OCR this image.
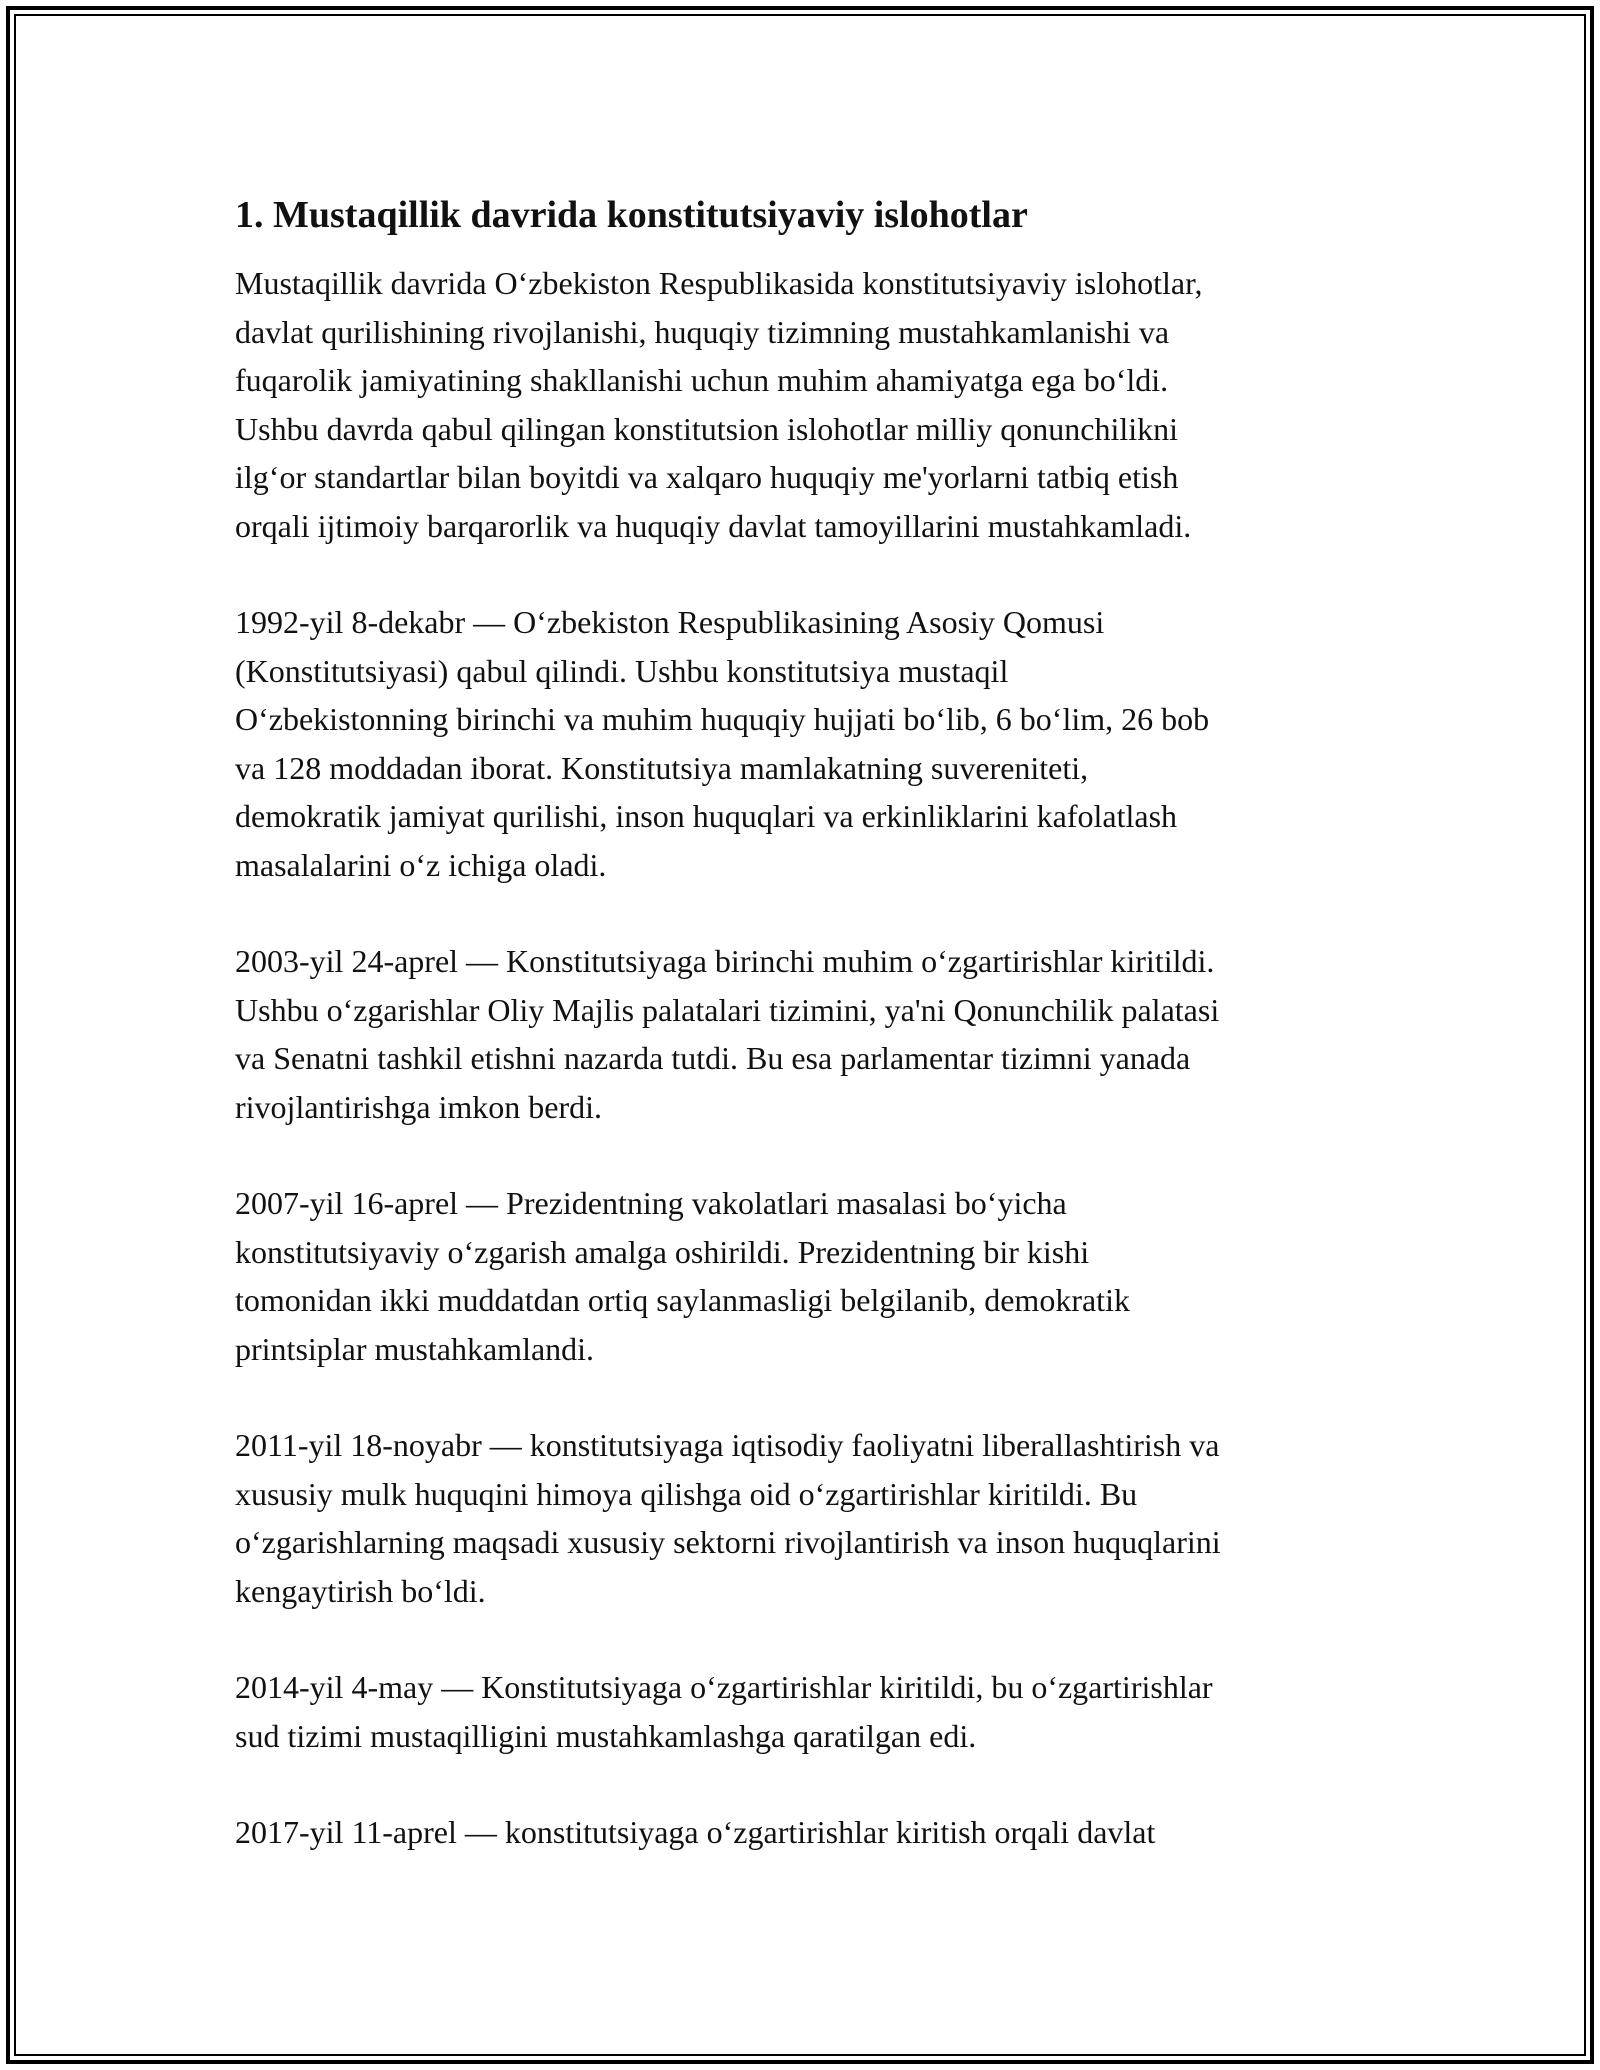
1. Mustaqillik davrida konstitutsiyaviy islohotlar

Mustaqillik davrida O‘zbekiston Respublikasida konstitutsiyaviy islohotlar,
davlat qurilishining rivojlanishi, huquqiy tizimning mustahkamlanishi va
fuqarolik jamiyatining shakllanishi uchun muhim ahamiyatga ega bo‘ldi.
Ushbu davrda qabul qilingan konstitutsion islohotlar milliy qonunchilikni
ilg‘or standartlar bilan boyitdi va xalqaro huquqiy me'yorlarni tatbiq etish
orqali ijtimoiy barqarorlik va huquqiy davlat tamoyillarini mustahkamladi.

1992-yil 8-dekabr — O‘zbekiston Respublikasining Asosiy Qomusi
(Konstitutsiyasi) qabul qilindi. Ushbu konstitutsiya mustaqil
O‘zbekistonning birinchi va muhim huquqiy hujjati bo‘lib, 6 bo‘lim, 26 bob
va 128 moddadan iborat. Konstitutsiya mamlakatning suvereniteti,
demokratik jamiyat qurilishi, inson huquqlari va erkinliklarini kafolatlash
masalalarini o‘z ichiga oladi.

2003-yil 24-aprel — Konstitutsiyaga birinchi muhim o‘zgartirishlar kiritildi.
Ushbu o‘zgarishlar Oliy Majlis palatalari tizimini, ya'ni Qonunchilik palatasi
va Senatni tashkil etishni nazarda tutdi. Bu esa parlamentar tizimni yanada
rivojlantirishga imkon berdi.

2007-yil 16-aprel — Prezidentning vakolatlari masalasi bo‘yicha
konstitutsiyaviy o‘zgarish amalga oshirildi. Prezidentning bir kishi
tomonidan ikki muddatdan ortiq saylanmasligi belgilanib, demokratik
printsiplar mustahkamlandi.

2011-yil 18-noyabr — konstitutsiyaga iqtisodiy faoliyatni liberallashtirish va
xususiy mulk huquqini himoya qilishga oid o‘zgartirishlar kiritildi. Bu
o‘zgarishlarning maqsadi xususiy sektorni rivojlantirish va inson huquqlarini
kengaytirish bo‘ldi.

2014-yil 4-may — Konstitutsiyaga o‘zgartirishlar kiritildi, bu o‘zgartirishlar
sud tizimi mustaqilligini mustahkamlashga qaratilgan edi.

2017-yil 11-aprel — konstitutsiyaga o‘zgartirishlar kiritish orqali davlat
